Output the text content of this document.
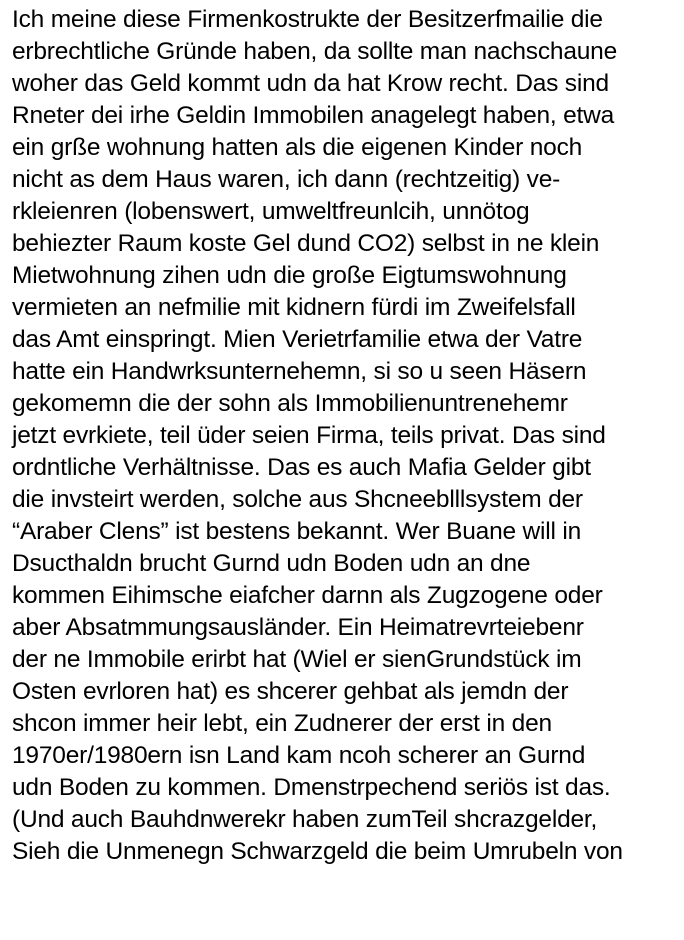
Ich meine diese Firmenkostrukte der Besitzerfmailie die
erbrechtliche Gründe haben, da sollte man nachschaune
woher das Geld kommt udn da hat Krow recht. Das sind
Rneter dei irhe Geldin Immobilen anagelegt haben, etwa
ein grße wohnung hatten als die eigenen Kinder noch
nicht as dem Haus waren, ich dann (rechtzeitig) ve-
rkleienren (lobenswert, umweltfreunlcih, unnötog
behiezter Raum koste Gel dund CO2) selbst in ne klein
Mietwohnung zihen udn die große Eigtumswohnung
vermieten an nefmilie mit kidnern fürdi im Zweifelsfall
das Amt einspringt. Mien Verietrfamilie etwa der Vatre
hatte ein Handwrksunternehemn, si so u seen Häsern
gekomemn die der sohn als Immobilienuntrenehemr
jetzt evrkiete, teil üder seien Firma, teils privat. Das sind
ordntliche Verhältnisse. Das es auch Mafia Gelder gibt
die invsteirt werden, solche aus Shcneeblllsystem der
“Araber Clens” ist bestens bekannt. Wer Buane will in
Dsucthaldn brucht Gurnd udn Boden udn an dne
kommen Eihimsche eiafcher darnn als Zugzogene oder
aber Absatmmungsausländer. Ein Heimatrevrteiebenr
der ne Immobile erirbt hat (Wiel er sienGrundstück im
Osten evrloren hat) es shcerer gehbat als jemdn der
shcon immer heir lebt, ein Zudnerer der erst in den
1970er/1980ern isn Land kam ncoh scherer an Gurnd
udn Boden zu kommen. Dmenstrpechend seriös ist das.
(Und auch Bauhdnwerekr haben zumTeil shcrazgelder,
Sieh die Unmenegn Schwarzgeld die beim Umrubeln von
